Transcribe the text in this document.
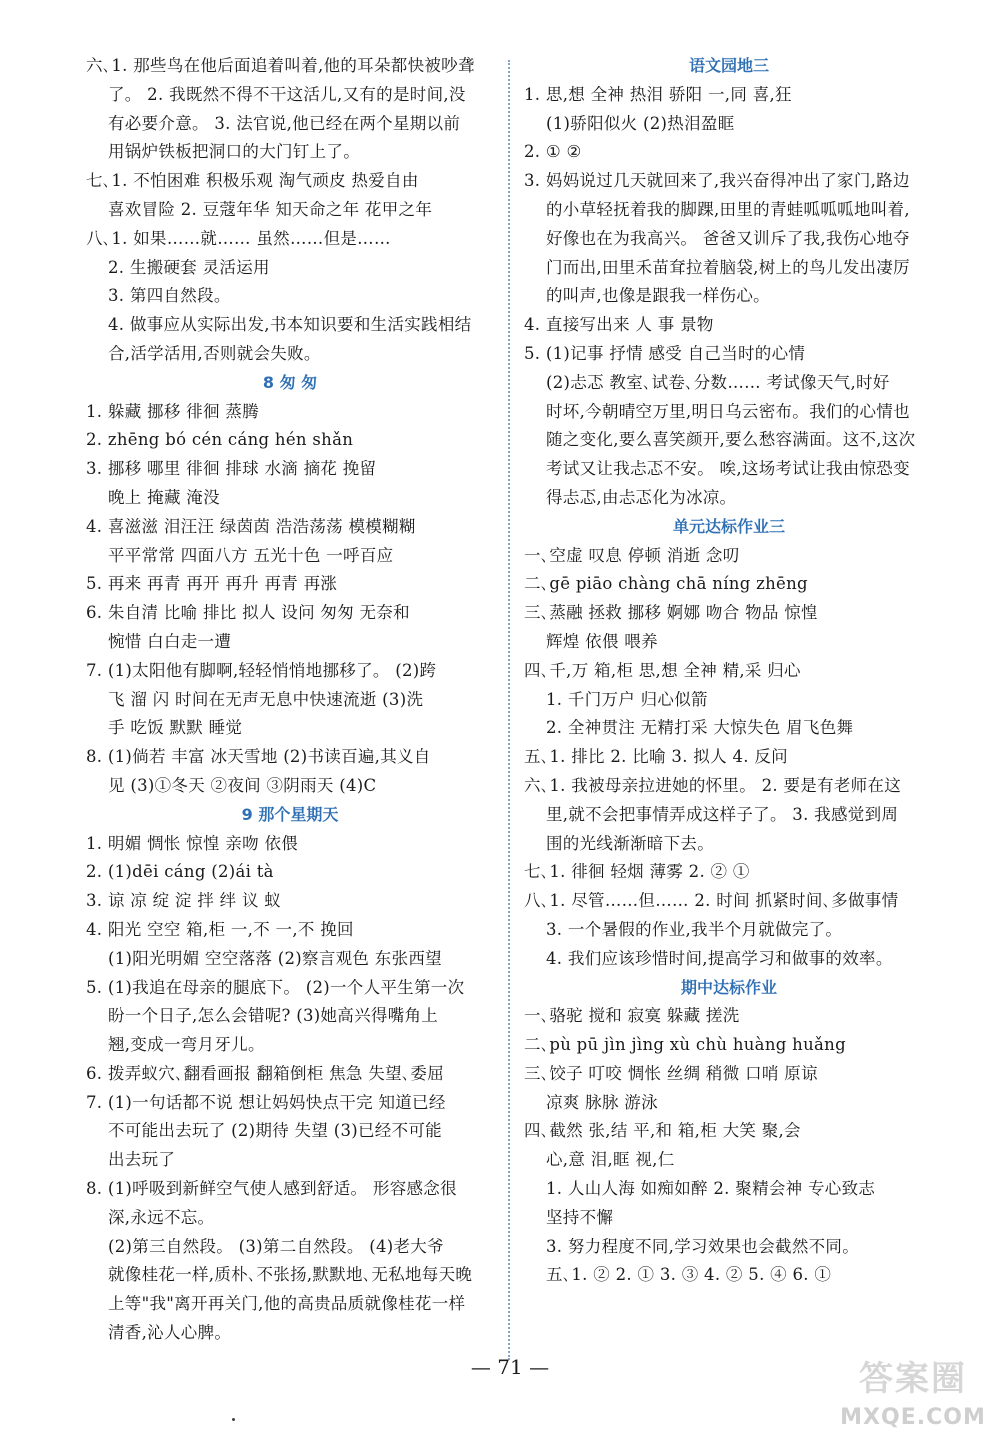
六､1. 那些鸟在他后面追着叫着,他的耳朵都快被吵聋
了。 2. 我既然不得不干这活儿,又有的是时间,没
有必要介意。 3. 法官说,他已经在两个星期以前
用锅炉铁板把洞口的大门钉上了。
七､1. 不怕困难 积极乐观 淘气顽皮 热爱自由
喜欢冒险 2. 豆蔻年华 知天命之年 花甲之年
八､1. 如果……就…… 虽然……但是……
2. 生搬硬套 灵活运用
3. 第四自然段。
4. 做事应从实际出发,书本知识要和生活实践相结
合,活学活用,否则就会失败。
8 匆 匆
1. 躲藏 挪移 徘徊 蒸腾
2. zhēng bó cén cáng hén shǎn
3. 挪移 哪里 徘徊 排球 水滴 摘花 挽留
晚上 掩藏 淹没
4. 喜滋滋 泪汪汪 绿茵茵 浩浩荡荡 模模糊糊
平平常常 四面八方 五光十色 一呼百应
5. 再来 再青 再开 再升 再青 再涨
6. 朱自清 比喻 排比 拟人 设问 匆匆 无奈和
惋惜 白白走一遭
7. (1)太阳他有脚啊,轻轻悄悄地挪移了。 (2)跨
飞 溜 闪 时间在无声无息中快速流逝 (3)洗
手 吃饭 默默 睡觉
8. (1)倘若 丰富 冰天雪地 (2)书读百遍,其义自
见 (3)①冬天 ②夜间 ③阴雨天 (4)C
9 那个星期天
1. 明媚 惆怅 惊惶 亲吻 依偎
2. (1)dēi cáng (2)ái tà
3. 谅 凉 绽 淀 拌 绊 议 蚁
4. 阳光 空空 箱,柜 一,不 一,不 挽回
(1)阳光明媚 空空落落 (2)察言观色 东张西望
5. (1)我追在母亲的腿底下。 (2)一个人平生第一次
盼一个日子,怎么会错呢? (3)她高兴得嘴角上
翘,变成一弯月牙儿。
6. 拨弄蚁穴､翻看画报 翻箱倒柜 焦急 失望､委屈
7. (1)一句话都不说 想让妈妈快点干完 知道已经
不可能出去玩了 (2)期待 失望 (3)已经不可能
出去玩了
8. (1)呼吸到新鲜空气使人感到舒适。 形容感念很
深,永远不忘。
(2)第三自然段。 (3)第二自然段。 (4)老大爷
就像桂花一样,质朴､不张扬,默默地､无私地每天晚
上等"我"离开再关门,他的高贵品质就像桂花一样
清香,沁人心脾。
语文园地三
1. 思,想 全神 热泪 骄阳 一,同 喜,狂
(1)骄阳似火 (2)热泪盈眶
2. ① ②
3. 妈妈说过几天就回来了,我兴奋得冲出了家门,路边
的小草轻抚着我的脚踝,田里的青蛙呱呱呱地叫着,
好像也在为我高兴。 爸爸又训斥了我,我伤心地夺
门而出,田里禾苗耷拉着脑袋,树上的鸟儿发出凄厉
的叫声,也像是跟我一样伤心。
4. 直接写出来 人 事 景物
5. (1)记事 抒情 感受 自己当时的心情
(2)忐忑 教室､试卷､分数…… 考试像天气,时好
时坏,今朝晴空万里,明日乌云密布。我们的心情也
随之变化,要么喜笑颜开,要么愁容满面。这不,这次
考试又让我忐忑不安。 唉,这场考试让我由惊恐变
得忐忑,由忐忑化为冰凉。
单元达标作业三
一､空虚 叹息 停顿 消逝 念叨
二､gē piāo chàng chā níng zhēng
三､蒸融 拯救 挪移 婀娜 吻合 物品 惊惶
辉煌 依偎 喂养
四､千,万 箱,柜 思,想 全神 精,采 归心
1. 千门万户 归心似箭
2. 全神贯注 无精打采 大惊失色 眉飞色舞
五､1. 排比 2. 比喻 3. 拟人 4. 反问
六､1. 我被母亲拉进她的怀里。 2. 要是有老师在这
里,就不会把事情弄成这样子了。 3. 我感觉到周
围的光线渐渐暗下去。
七､1. 徘徊 轻烟 薄雾 2. ② ①
八､1. 尽管……但…… 2. 时间 抓紧时间､多做事情
3. 一个暑假的作业,我半个月就做完了。
4. 我们应该珍惜时间,提高学习和做事的效率。
期中达标作业
一､骆驼 搅和 寂寞 躲藏 搓洗
二､pù pū jìn jìng xù chù huàng huǎng
三､饺子 叮咬 惆怅 丝绸 稍微 口哨 原谅
凉爽 脉脉 游泳
四､截然 张,结 平,和 箱,柜 大笑 聚,会
心,意 泪,眶 视,仁
1. 人山人海 如痴如醉 2. 聚精会神 专心致志
坚持不懈
3. 努力程度不同,学习效果也会截然不同。
五､1. ② 2. ① 3. ③ 4. ② 5. ④ 6. ①
— 71 —	答案圈
MXQE.COM
